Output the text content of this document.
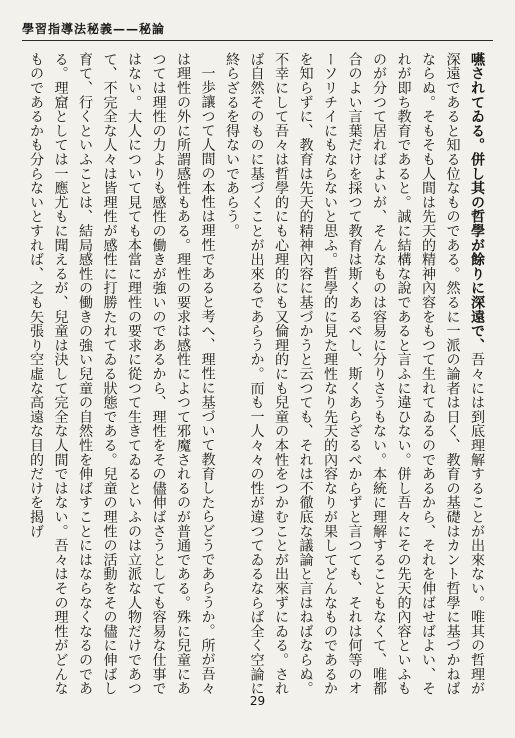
學習指導法秘義——秘論

嚥されてゐる。併し其の哲學が餘りに深遠で、吾々には到底理解することが出來ない。唯其の哲理が深遠であると知る位なものである。然るに一派の論者は日く、教育の基礎はカント哲學に基づかねばならぬ。そもそも人間は先天的精神內容をもつて生れてゐるのであるから、それを伸ばせばよい、それが即ち教育であると。誠に結構な說であると言ふに違ひない。併し吾々にその先天的內容といふものが分つて居ればよいが、そんなものは容易に分りさうもない。本統に理解することもなくて、唯都合のよい言葉だけを採つて教育は斯くあるべし、斯くあらざるべからずと言つても、それは何等のオーソリチイにもならないと思ふ。哲學的に見た理性なり先天的內容なりが果してどんなものであるかを知らずに、教育は先天的精神內容に基づかうと云つても、それは不徹底な議論と言はねばならぬ。不幸にして吾々は哲學的にも心理的にも又倫理的にも兒童の本性をつかむことが出來ずにゐる。されば自然そのものに基づくことが出來るであらうか。而も一人々々の性が違つてゐるならば全く空論に終らざるを得ないであらう。

一歩讓つて人間の本性は理性であると考へ、理性に基づいて教育したらどうであらうか。所が吾々は理性の外に所謂感性もある。理性の要求は感性によつて邪魔されるのが普通である。殊に兒童にあつては理性の力よりも感性の働きが強いのであるから、理性をその儘伸ばさうとしても容易な仕事ではない。大人について見ても本當に理性の要求に從つて生きてゐるといふのは立派な人物だけであつて、不完全な人々は皆理性が感性に打勝たれてゐる狀態である。兒童の理性の活動をその儘に伸ばし育て、行くといふことは、結局感性の働きの強い兒童の自然性を伸ばすことにはならなくなるのである。理窟としては一應尤もに聞えるが、兒童は決して完全な人間ではない。吾々はその理性がどんなものであるかも分らないとすれば、之も矢張り空虛な高遠な目的だけを揭げ

29
